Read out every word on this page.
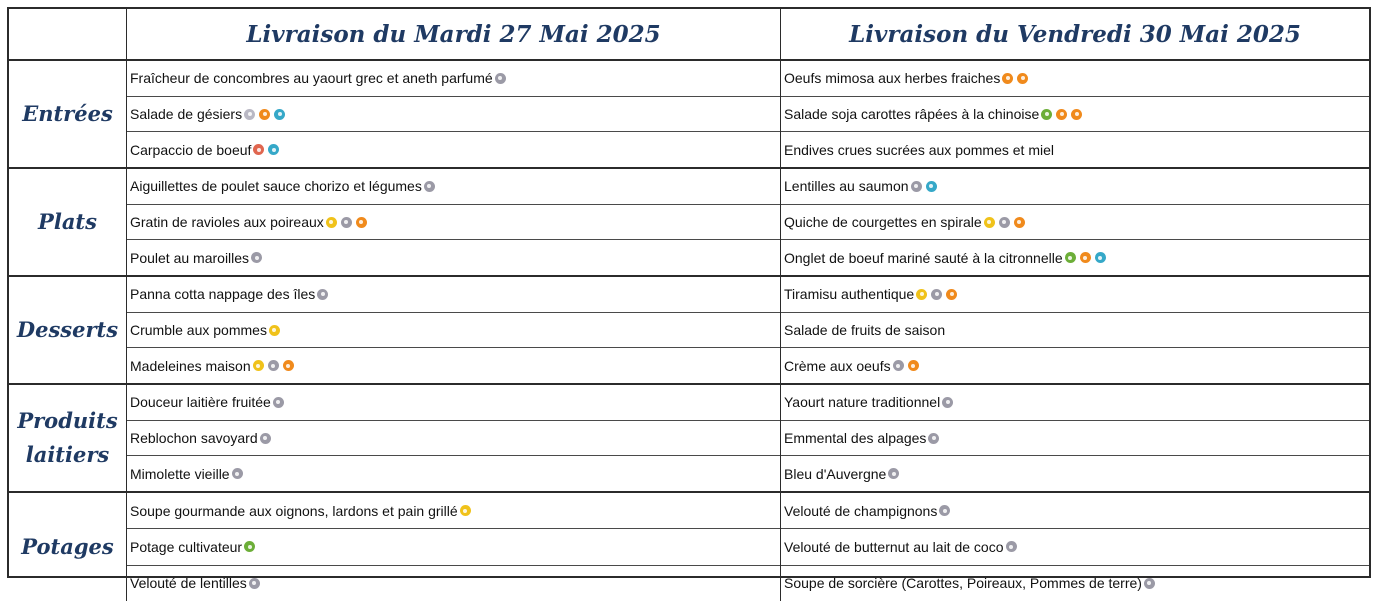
Livraison du Mardi 27 Mai 2025	Livraison du Vendredi 30 Mai 2025
Entrées
Fraîcheur de concombres au yaourt grec et aneth parfumé
Salade de gésiers
Carpaccio de boeuf
Oeufs mimosa aux herbes fraiches
Salade soja carottes râpées à la chinoise
Endives crues sucrées aux pommes et miel
Plats
Aiguillettes de poulet sauce chorizo et légumes
Gratin de ravioles aux poireaux
Poulet au maroilles
Lentilles au saumon
Quiche de courgettes en spirale
Onglet de boeuf mariné sauté à la citronnelle
Desserts
Panna cotta nappage des îles
Crumble aux pommes
Madeleines maison
Tiramisu authentique
Salade de fruits de saison
Crème aux oeufs
Produits laitiers
Douceur laitière fruitée
Reblochon savoyard
Mimolette vieille
Yaourt nature traditionnel
Emmental des alpages
Bleu d'Auvergne
Potages
Soupe gourmande aux oignons, lardons et pain grillé
Potage cultivateur
Velouté de lentilles
Velouté de champignons
Velouté de butternut au lait de coco
Soupe de sorcière (Carottes, Poireaux, Pommes de terre)
